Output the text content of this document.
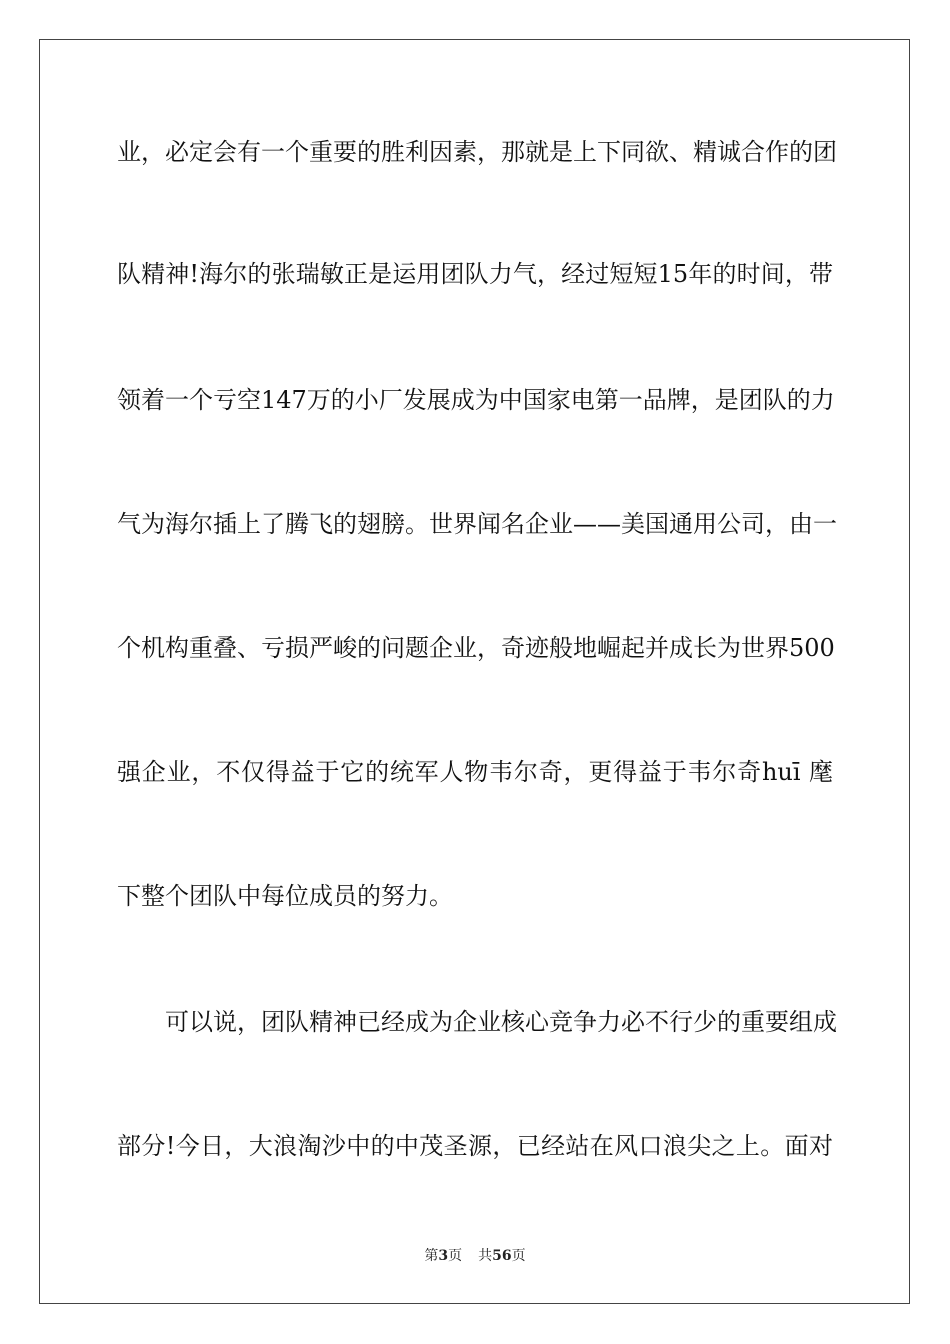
业，必定会有一个重要的胜利因素，那就是上下同欲、精诚合作的团
队精神!海尔的张瑞敏正是运用团队力气，经过短短15年的时间，带
领着一个亏空147万的小厂发展成为中国家电第一品牌，是团队的力
气为海尔插上了腾飞的翅膀。世界闻名企业——美国通用公司，由一
个机构重叠、亏损严峻的问题企业，奇迹般地崛起并成长为世界500
强企业，不仅得益于它的统军人物韦尔奇，更得益于韦尔奇huī 麾
下整个团队中每位成员的努力。
可以说，团队精神已经成为企业核心竞争力必不行少的重要组成
部分!今日，大浪淘沙中的中茂圣源，已经站在风口浪尖之上。面对
第3页 共56页
